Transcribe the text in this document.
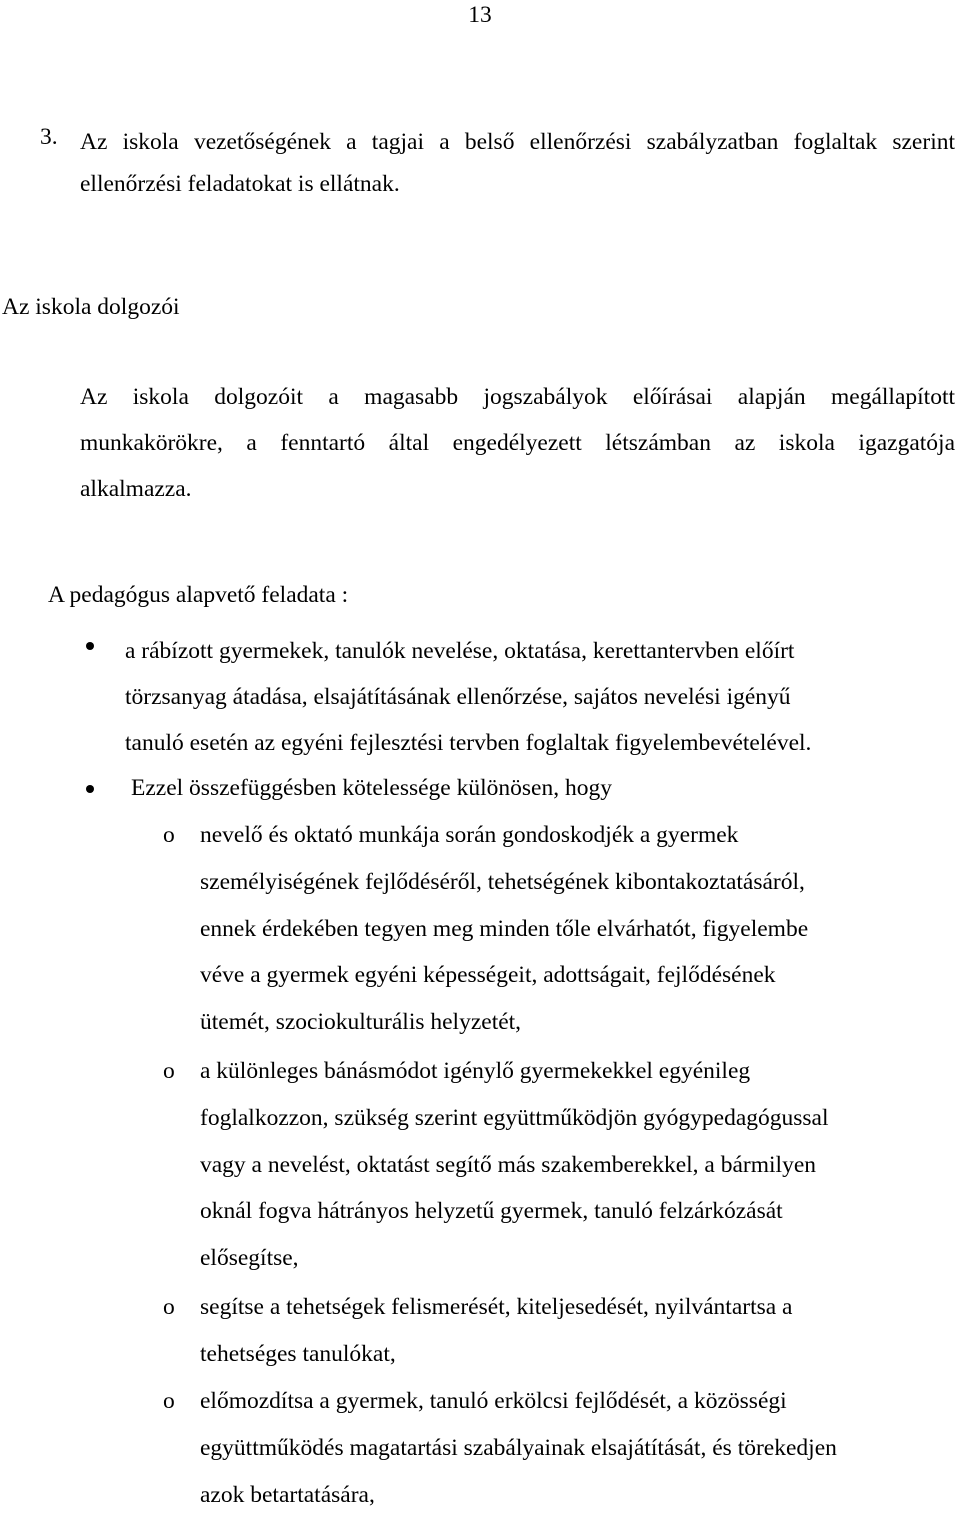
13
3. Az iskola vezetőségének a tagjai a belső ellenőrzési szabályzatban foglaltak szerint
ellenőrzési feladatokat is ellátnak.
Az iskola dolgozói
Az iskola dolgozóit a magasabb jogszabályok előírásai alapján megállapított
munkakörökre, a fenntartó által engedélyezett létszámban az iskola igazgatója
alkalmazza.
A pedagógus alapvető feladata :
a rábízott gyermekek, tanulók nevelése, oktatása, kerettantervben előírt
törzsanyag átadása, elsajátításának ellenőrzése, sajátos nevelési igényű
tanuló esetén az egyéni fejlesztési tervben foglaltak figyelembevételével.
Ezzel összefüggésben kötelessége különösen, hogy
o nevelő és oktató munkája során gondoskodjék a gyermek
személyiségének fejlődéséről, tehetségének kibontakoztatásáról,
ennek érdekében tegyen meg minden tőle elvárhatót, figyelembe
véve a gyermek egyéni képességeit, adottságait, fejlődésének
ütemét, szociokulturális helyzetét,
o a különleges bánásmódot igénylő gyermekekkel egyénileg
foglalkozzon, szükség szerint együttműködjön gyógypedagógussal
vagy a nevelést, oktatást segítő más szakemberekkel, a bármilyen
oknál fogva hátrányos helyzetű gyermek, tanuló felzárkózását
elősegítse,
o segítse a tehetségek felismerését, kiteljesedését, nyilvántartsa a
tehetséges tanulókat,
o előmozdítsa a gyermek, tanuló erkölcsi fejlődését, a közösségi
együttműködés magatartási szabályainak elsajátítását, és törekedjen
azok betartatására,
